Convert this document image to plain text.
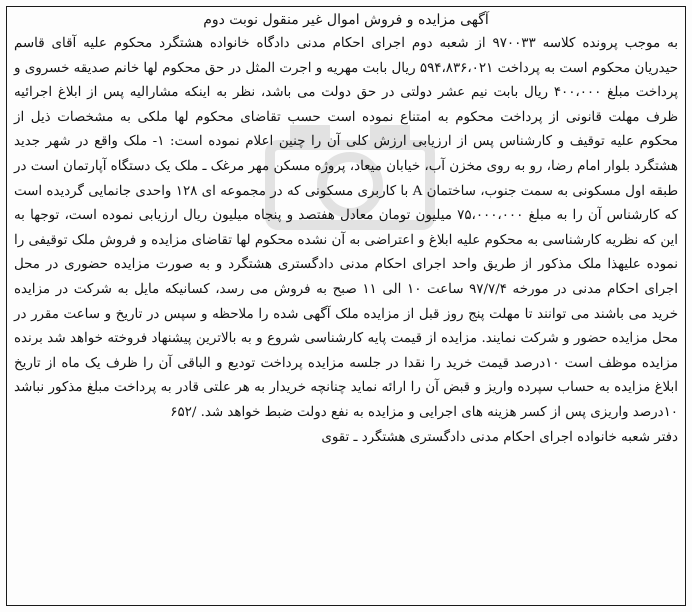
آگهی مزایده و فروش اموال غیر منقول نوبت دوم

به موجب پرونده کلاسه ۹۷۰۰۳۳ از شعبه دوم اجرای احکام مدنی دادگاه خانواده هشتگرد محکوم علیه آقای قاسم حیدریان محکوم است به پرداخت ۵۹۴،۸۳۶،۰۲۱ ریال بابت مهریه و اجرت المثل در حق محکوم لها خانم صدیقه خسروی و پرداخت مبلغ ۴۰۰،۰۰۰ ریال بابت نیم عشر دولتی در حق دولت می باشد، نظر به اینکه مشارالیه پس از ابلاغ اجرائیه ظرف مهلت قانونی از پرداخت محکوم به امتناع نموده است حسب تقاضای محکوم لها ملکی به مشخصات ذیل از محکوم علیه توقیف و کارشناس پس از ارزیابی ارزش کلی آن را چنین اعلام نموده است: ۱- ملک واقع در شهر جدید هشتگرد بلوار امام رضا، رو به روی مخزن آب، خیابان میعاد، پروژه مسکن مهر مرغک ـ ملک یک دستگاه آپارتمان است در طبقه اول مسکونی به سمت جنوب، ساختمان A با کاربری مسکونی که در مجموعه ای ۱۲۸ واحدی جانمایی گردیده است که کارشناس آن را به مبلغ ۷۵،۰۰۰،۰۰۰ میلیون تومان معادل هفتصد و پنجاه میلیون ریال ارزیابی نموده است، توجها به این که نظریه کارشناسی به محکوم علیه ابلاغ و اعتراضی به آن نشده محکوم لها تقاضای مزایده و فروش ملک توقیفی را نموده علیهذا ملک مذکور از طریق واحد اجرای احکام مدنی دادگستری هشتگرد و به صورت مزایده حضوری در محل اجرای احکام مدنی در مورخه ۹۷/۷/۴ ساعت ۱۰ الی ۱۱ صبح به فروش می رسد، کسانیکه مایل به شرکت در مزایده خرید می باشند می توانند تا مهلت پنج روز قبل از مزایده ملک آگهی شده را ملاحظه و سپس در تاریخ و ساعت مقرر در محل مزایده حضور و شرکت نمایند. مزایده از قیمت پایه کارشناسی شروع و به بالاترین پیشنهاد فروخته خواهد شد برنده مزایده موظف است ۱۰درصد قیمت خرید را نقدا در جلسه مزایده پرداخت تودیع و الباقی آن را ظرف یک ماه از تاریخ ابلاغ مزایده به حساب سپرده واریز و قبض آن را ارائه نماید چنانچه خریدار به هر علتی قادر به پرداخت مبلغ مذکور نباشد ۱۰درصد واریزی پس از کسر هزینه های اجرایی و مزایده به نفع دولت ضبط خواهد شد. /۶۵۲

دفتر شعبه خانواده اجرای احکام مدنی دادگستری هشتگرد ـ تقوی
